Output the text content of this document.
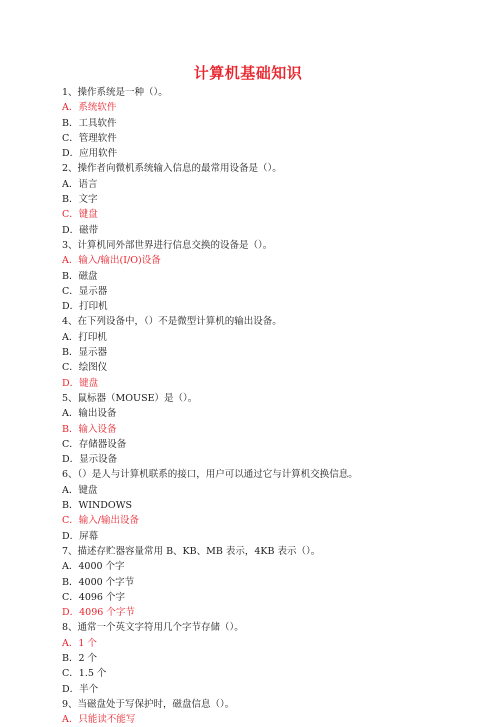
计算机基础知识
1、操作系统是一种（）。
A．系统软件
B．工具软件
C．管理软件
D．应用软件
2、操作者向微机系统输入信息的最常用设备是（）。
A．语言
B．文字
C．键盘
D．磁带
3、计算机同外部世界进行信息交换的设备是（）。
A．输入/输出(I/O)设备
B．磁盘
C．显示器
D．打印机
4、在下列设备中，（）不是微型计算机的输出设备。
A．打印机
B．显示器
C．绘图仪
D．键盘
5、鼠标器（MOUSE）是（）。
A．输出设备
B．输入设备
C．存储器设备
D．显示设备
6、（）是人与计算机联系的接口，用户可以通过它与计算机交换信息。
A．键盘
B．WINDOWS
C．输入/输出设备
D．屏幕
7、描述存贮器容量常用 B、KB、MB 表示，4KB 表示（）。
A．4000 个字
B．4000 个字节
C．4096 个字
D．4096 个字节
8、通常一个英文字符用几个字节存储（）。
A．1 个
B．2 个
C．1.5 个
D．半个
9、当磁盘处于写保护时，磁盘信息（）。
A．只能读不能写
